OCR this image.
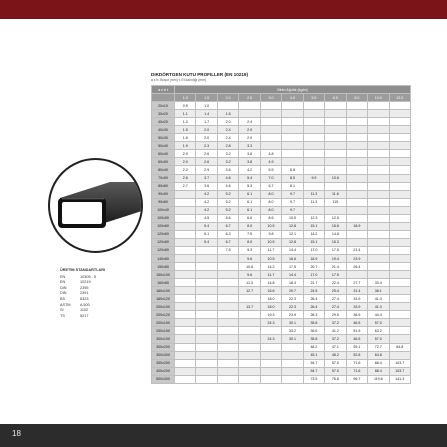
DIKDÖRTGEN KUTU PROFILLER (EN 10219)
a x b: Boyut (mm) t: Et kalınlığı (mm)
ÜRETİM STANDARTLARI
EN	10305 - 5
EN	10219
DIN	2395
DIN	2391
BS	6323
ASTM	A 500
SI	1102
TS	5217
a x b t	Birim Ağırlık (kg/m)										
	1.0	1.5	2.0	2.5	3.0	4.0	5.0	6.0	8.0	10.0	12.0
20x10	0.5	1.0									
30x20	1.1	1.4	1.6								
40x20	1.3	1.7	2.0	2.4							
40x30	1.5	2.0	2.4	2.9							
50x30	1.6	2.0	2.4	2.9							
50x40	1.9	2.3	2.8	3.3							
60x40	2.0	2.6	3.2	3.8	4.8						
60x50	2.0	2.6	3.2	3.8	4.9						
80x40	2.2	2.9	3.6	4.2	5.5	6.8					
70x50	2.6	3.7	4.6	5.4	7.0	8.5	9.9	10.6			
80x60	2.7	3.6	4.6	5.3	6.7	8.1					
90x50		4.2	5.2	6.1	8.0	9.7	11.3	11.6			
90x60		4.2	5.2	6.1	8.0	9.7	11.3	115			
100x40		4.2	5.2	6.1	8.0	9.7					
100x50		4.5	5.6	6.6	8.6	10.5	12.3	12.5			
100x60		5.4	6.7	8.0	10.5	12.8	15.1	16.6	18.9		
120x60		6.1	6.3	7.5	9.8	12.1	14.2	14.8			
120x80		5.4	6.7	8.0	10.5	12.8	15.1	16.3			
120x80			7.5	9.3	11.7	14.4	17.0	17.5	21.4		
140x80				9.6	10.5	16.6	18.9	19.4	23.9		
150x80				10.6	14.2	17.5	20.7	21.4	26.4		
150x100				9.6	11.7	14.4	17.0	17.5			
160x80				11.3	14.8	18.3	21.7	22.4	27.7	33.4	
180x100				12.7	16.6	20.7	24.5	25.4	31.4	38.1	
180x120					18.0	22.3	26.4	27.4	33.9	41.3	
200x100				13.7	18.0	22.3	26.4	27.4	33.9	41.3	
200x120					19.3	23.9	28.3	29.5	36.5	44.4	
200x150					24.3	30.1	35.8	37.2	46.5	57.0	
250x150						33.2	39.6	41.2	51.5	63.2	
300x100					24.3	30.1	35.8	37.2	46.5	57.0	
300x200							48.2	47.1	59.1	72.7	84.8
300x300							45.1	46.2	52.8	64.8	
350x250							54.7	57.0	71.6	88.4	103.7
400x200							54.7	57.0	71.6	88.4	103.7
500x300							73.5	76.8	96.7	119.8	141.3
18
